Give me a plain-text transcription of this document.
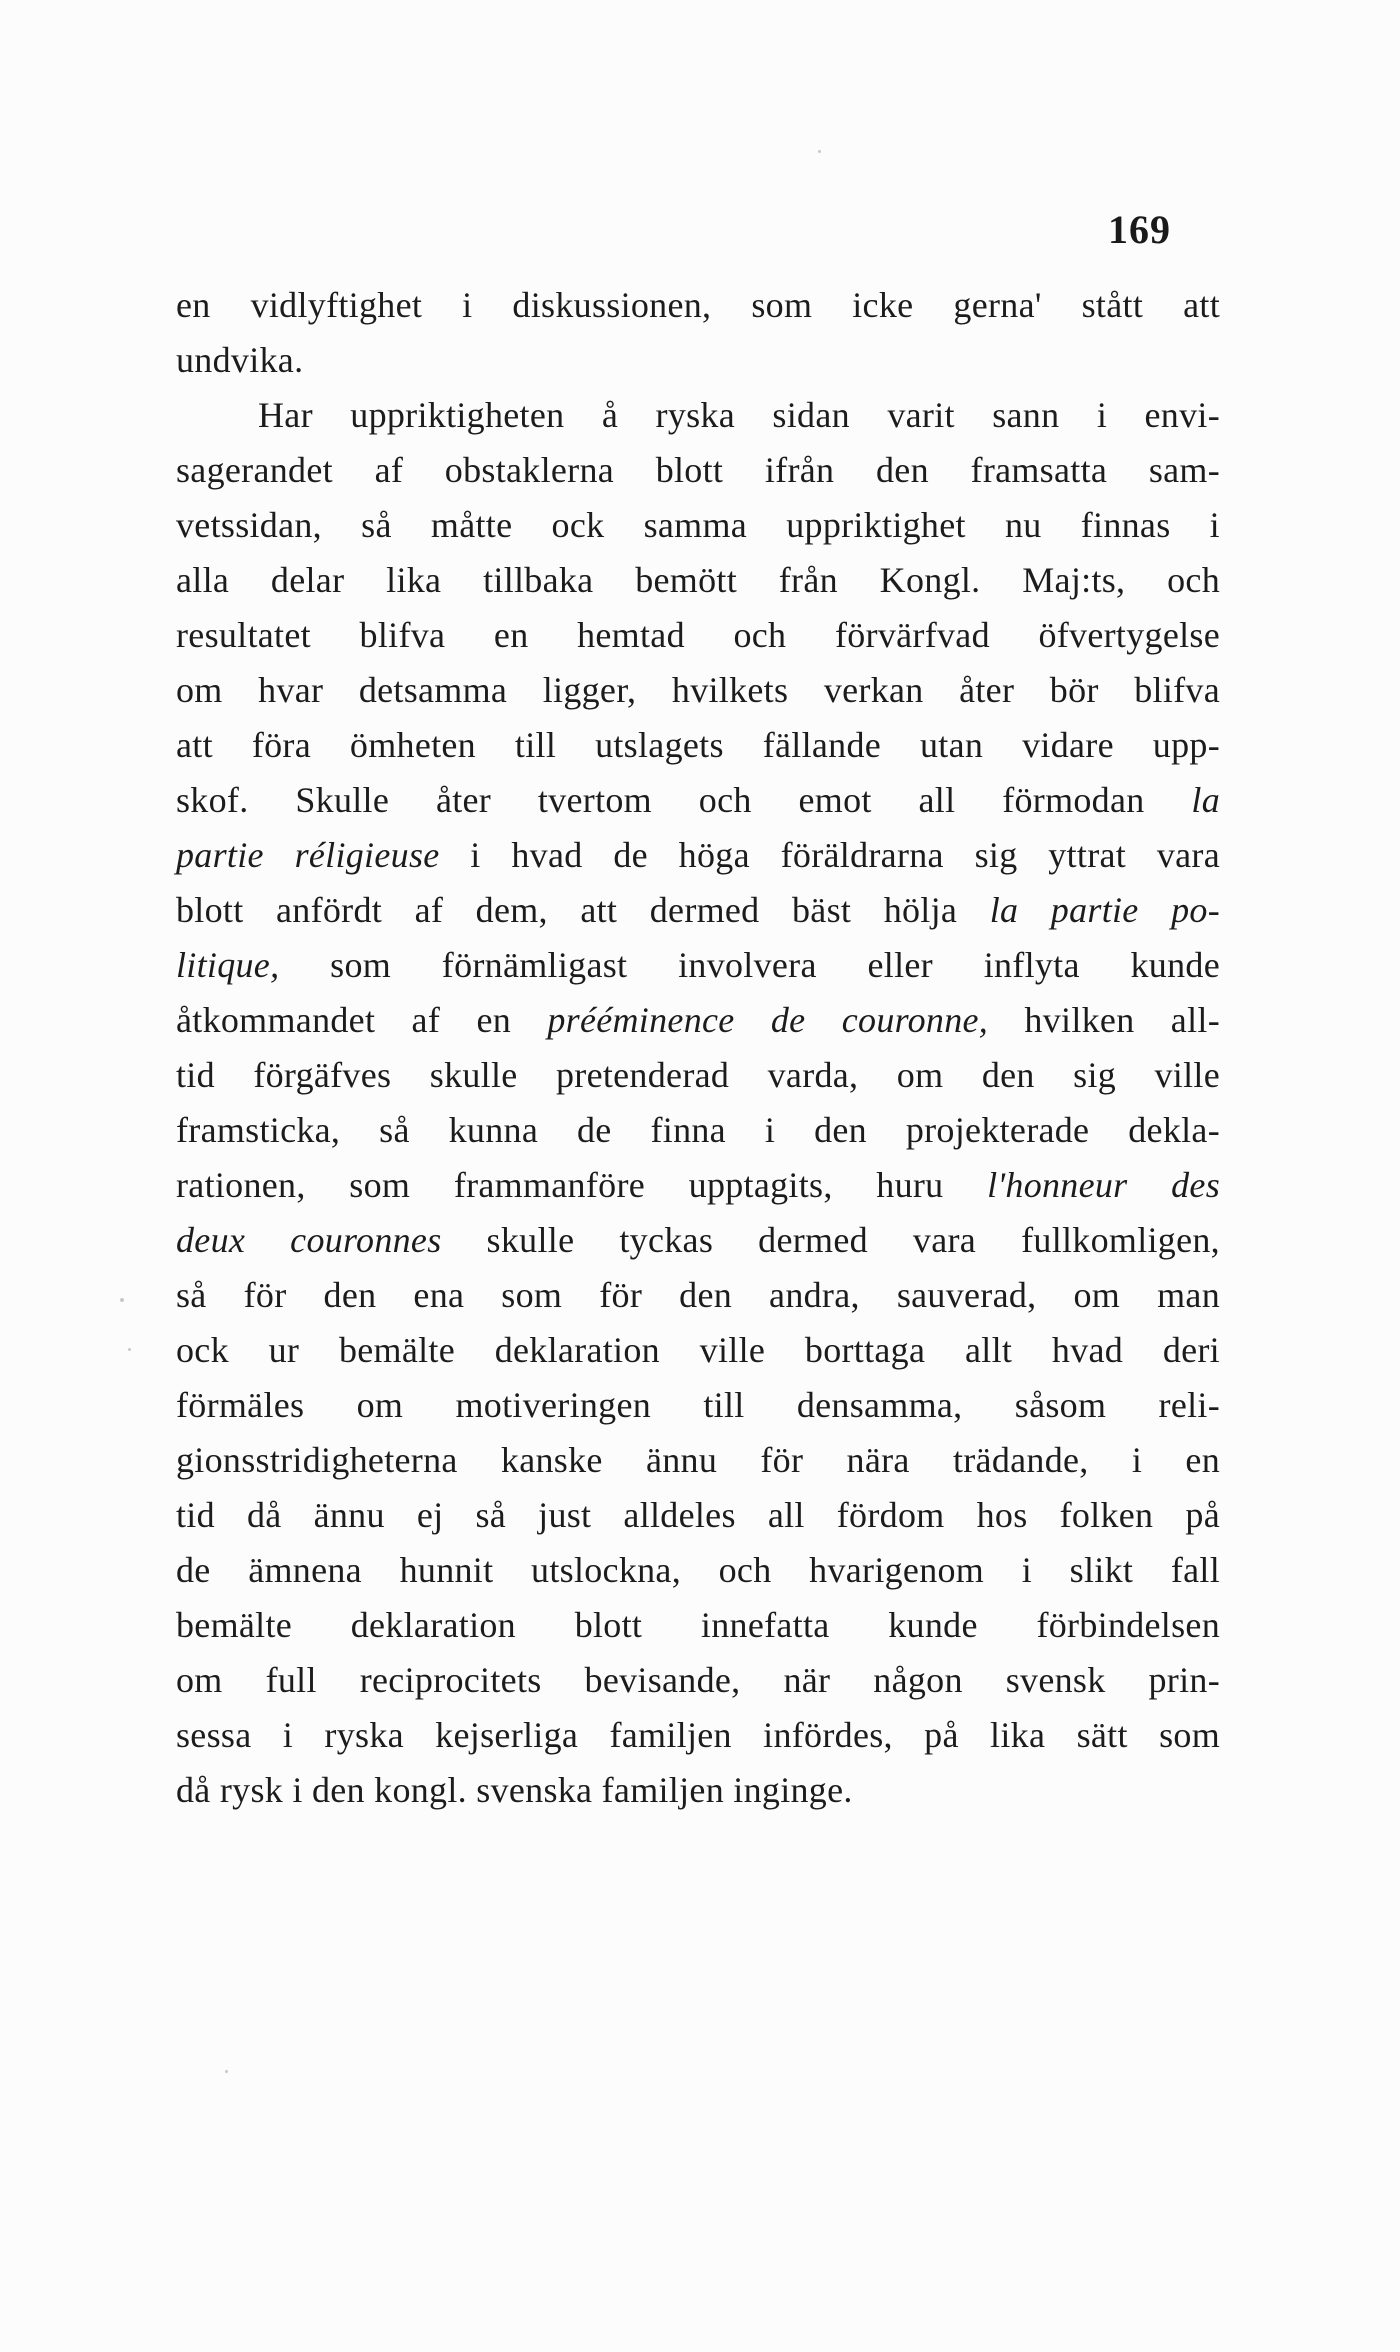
169
en vidlyftighet i diskussionen, som icke gerna' stått att
undvika.
Har uppriktigheten å ryska sidan varit sann i envi-
sagerandet af obstaklerna blott ifrån den framsatta sam-
vetssidan, så måtte ock samma uppriktighet nu finnas i
alla delar lika tillbaka bemött från Kongl. Maj:ts, och
resultatet blifva en hemtad och förvärfvad öfvertygelse
om hvar detsamma ligger, hvilkets verkan åter bör blifva
att föra ömheten till utslagets fällande utan vidare upp-
skof. Skulle åter tvertom och emot all förmodan la
partie réligieuse i hvad de höga föräldrarna sig yttrat vara
blott anfördt af dem, att dermed bäst hölja la partie po-
litique, som förnämligast involvera eller inflyta kunde
åtkommandet af en prééminence de couronne, hvilken all-
tid förgäfves skulle pretenderad varda, om den sig ville
framsticka, så kunna de finna i den projekterade dekla-
rationen, som frammanföre upptagits, huru l'honneur des
deux couronnes skulle tyckas dermed vara fullkomligen,
så för den ena som för den andra, sauverad, om man
ock ur bemälte deklaration ville borttaga allt hvad deri
förmäles om motiveringen till densamma, såsom reli-
gionsstridigheterna kanske ännu för nära trädande, i en
tid då ännu ej så just alldeles all fördom hos folken på
de ämnena hunnit utslockna, och hvarigenom i slikt fall
bemälte deklaration blott innefatta kunde förbindelsen
om full reciprocitets bevisande, när någon svensk prin-
sessa i ryska kejserliga familjen infördes, på lika sätt som
då rysk i den kongl. svenska familjen inginge.
